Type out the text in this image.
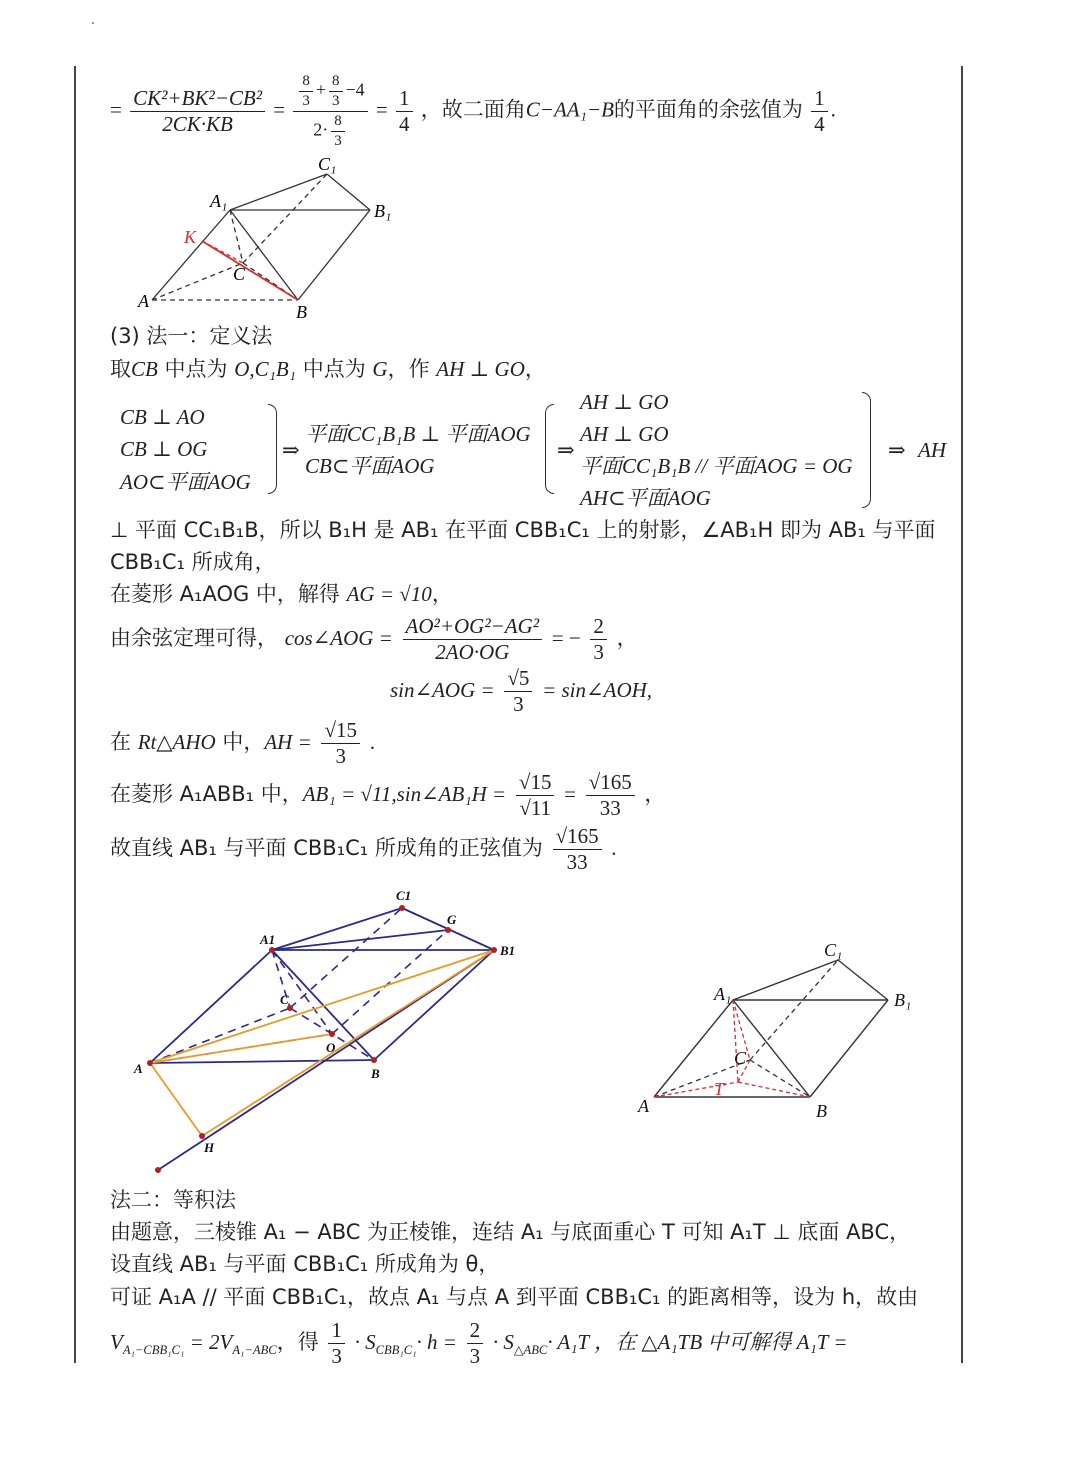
= $\frac{\text{CK²+BK²−CB²}}{2CK\cdot KB} = \frac{\frac{8}{3} + \frac{8}{3} -4}{2\cdot \frac{8}{3}} = \frac{1}{4}$ ，故二面角C−AA₁−B的平面角的余弦值为 $\frac{1}{4}$ .
C₁
A₁	B₁
K
C
A
B
(3) 法一：定义法
取CB 中点为 O,C₁B₁ 中点为 G，作 AH ⊥ GO，
CB ⊥ AO
CB ⊥ OG
AO⊂平面AOG
⇒
平面CC₁B₁B ⊥ 平面AOG
CB⊂平面AOG
⇒
AH ⊥ GO
AH ⊥ GO
平面CC₁B₁B // 平面AOG = OG
AH⊂平面AOG
⇒ AH
⊥ 平面 CC₁B₁B，所以 B₁H 是 AB₁ 在平面 CBB₁C₁ 上的射影，∠AB₁H 即为 AB₁ 与平面
CBB₁C₁ 所成角，
在菱形 A₁AOG 中，解得 AG = √10，
由余弦定理可得， cos∠AOG = $\frac{\text{AO²+OG²−AG²}}{2AO\cdot OG}$ = − $\frac{2}{3}$ ，
sin∠AOG = $\frac{√5}{3}$ = sin∠AOH,
在 Rt△AHO 中，AH = $\frac{√15}{3}$ .
在菱形 A₁ABB₁ 中，AB₁ = √11,sin∠AB₁H = $\frac{√15}{√11} = \frac{√165}{33}$ ，
故直线 AB₁ 与平面 CBB₁C₁ 所成角的正弦值为 $\frac{√165}{33}$ .
C1
G
A1
B1
C
O
A	B
H
C₁
A₁	B₁
C
T
A	B
法二：等积法
由题意，三棱锥 A₁ − ABC 为正棱锥，连结 A₁ 与底面重心 T 可知 A₁T ⊥ 底面 ABC，
设直线 AB₁ 与平面 CBB₁C₁ 所成角为 θ，
可证 A₁A // 平面 CBB₁C₁，故点 A₁ 与点 A 到平面 CBB₁C₁ 的距离相等，设为 h，故由
$V_{A_1-CBB_1C_1} = 2V_{A_1-ABC}$，得 $\frac{1}{3} \cdot S_{CBB_1C_1}\cdot h = \frac{2}{3} \cdot S_{\triangle ABC}\cdot A_1T$ ，在 △A₁TB 中可解得 A₁T =
